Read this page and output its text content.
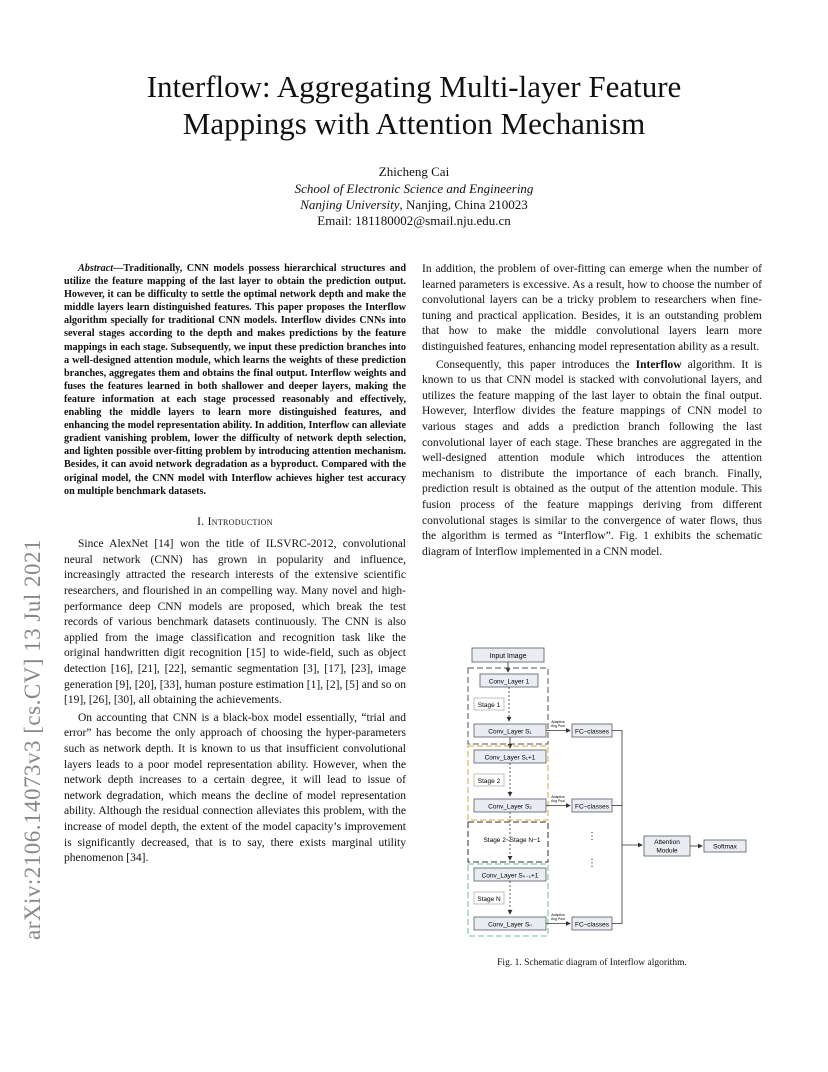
arXiv:2106.14073v3 [cs.CV] 13 Jul 2021
Interflow: Aggregating Multi-layer Feature
Mappings with Attention Mechanism
Zhicheng Cai
School of Electronic Science and Engineering
Nanjing University, Nanjing, China 210023
Email: 181180002@smail.nju.edu.cn

Abstract—Traditionally, CNN models possess hierarchical structures and utilize the feature mapping of the last layer to obtain the prediction output. However, it can be difficulty to settle the optimal network depth and make the middle layers learn distinguished features. This paper proposes the Interflow algorithm specially for traditional CNN models. Interflow divides CNNs into several stages according to the depth and makes predictions by the feature mappings in each stage. Subsequently, we input these prediction branches into a well-designed attention module, which learns the weights of these prediction branches, aggregates them and obtains the final output. Interflow weights and fuses the features learned in both shallower and deeper layers, making the feature information at each stage processed reasonably and effectively, enabling the middle layers to learn more distinguished features, and enhancing the model representation ability. In addition, Interflow can alleviate gradient vanishing problem, lower the difficulty of network depth selection, and lighten possible over-fitting problem by introducing attention mechanism. Besides, it can avoid network degradation as a byproduct. Compared with the original model, the CNN model with Interflow achieves higher test accuracy on multiple benchmark datasets.

I. Introduction

Since AlexNet [14] won the title of ILSVRC-2012, convolutional neural network (CNN) has grown in popularity and influence, increasingly attracted the research interests of the extensive scientific researchers, and flourished in an compelling way. Many novel and high-performance deep CNN models are proposed, which break the test records of various benchmark datasets continuously. The CNN is also applied from the image classification and recognition task like the original handwritten digit recognition [15] to wide-field, such as object detection [16], [21], [22], semantic segmentation [3], [17], [23], image generation [9], [20], [33], human posture estimation [1], [2], [5] and so on [19], [26], [30], all obtaining the achievements.

On accounting that CNN is a black-box model essentially, “trial and error” has become the only approach of choosing the hyper-parameters such as network depth. It is known to us that insufficient convolutional layers leads to a poor model representation ability. However, when the network depth increases to a certain degree, it will lead to issue of network degradation, which means the decline of model representation ability. Although the residual connection alleviates this problem, with the increase of model depth, the extent of the model capacity’s improvement is significantly decreased, that is to say, there exists marginal utility phenomenon [34].

In addition, the problem of over-fitting can emerge when the number of learned parameters is excessive. As a result, how to choose the number of convolutional layers can be a tricky problem to researchers when fine-tuning and practical application. Besides, it is an outstanding problem that how to make the middle convolutional layers learn more distinguished features, enhancing model representation ability as a result.

Consequently, this paper introduces the Interflow algorithm. It is known to us that CNN model is stacked with convolutional layers, and utilizes the feature mapping of the last layer to obtain the final output. However, Interflow divides the feature mappings of CNN model to various stages and adds a prediction branch following the last convolutional layer of each stage. These branches are aggregated in the well-designed attention module which introduces the attention mechanism to distribute the importance of each branch. Finally, prediction result is obtained as the output of the attention module. This fusion process of the feature mappings deriving from different convolutional stages is similar to the convergence of water flows, thus the algorithm is termed as “Interflow”. Fig. 1 exhibits the schematic diagram of Interflow implemented in a CNN model.

Input Image
Conv_Layer 1
Stage 1
Conv_Layer S₁
Adaptive
Avg Pool
FC–classes
Conv_Layer S₁+1
Stage 2
Conv_Layer S₂
Adaptive
Avg Pool
FC–classes
Stage 2~Stage N−1	⋮
⋮
Conv_Layer Sₙ₋₁+1
Stage N
Conv_Layer Sₙ
Adaptive
Avg Pool
FC–classes
Attention
Module
Softmax
Fig. 1. Schematic diagram of Interflow algorithm.
